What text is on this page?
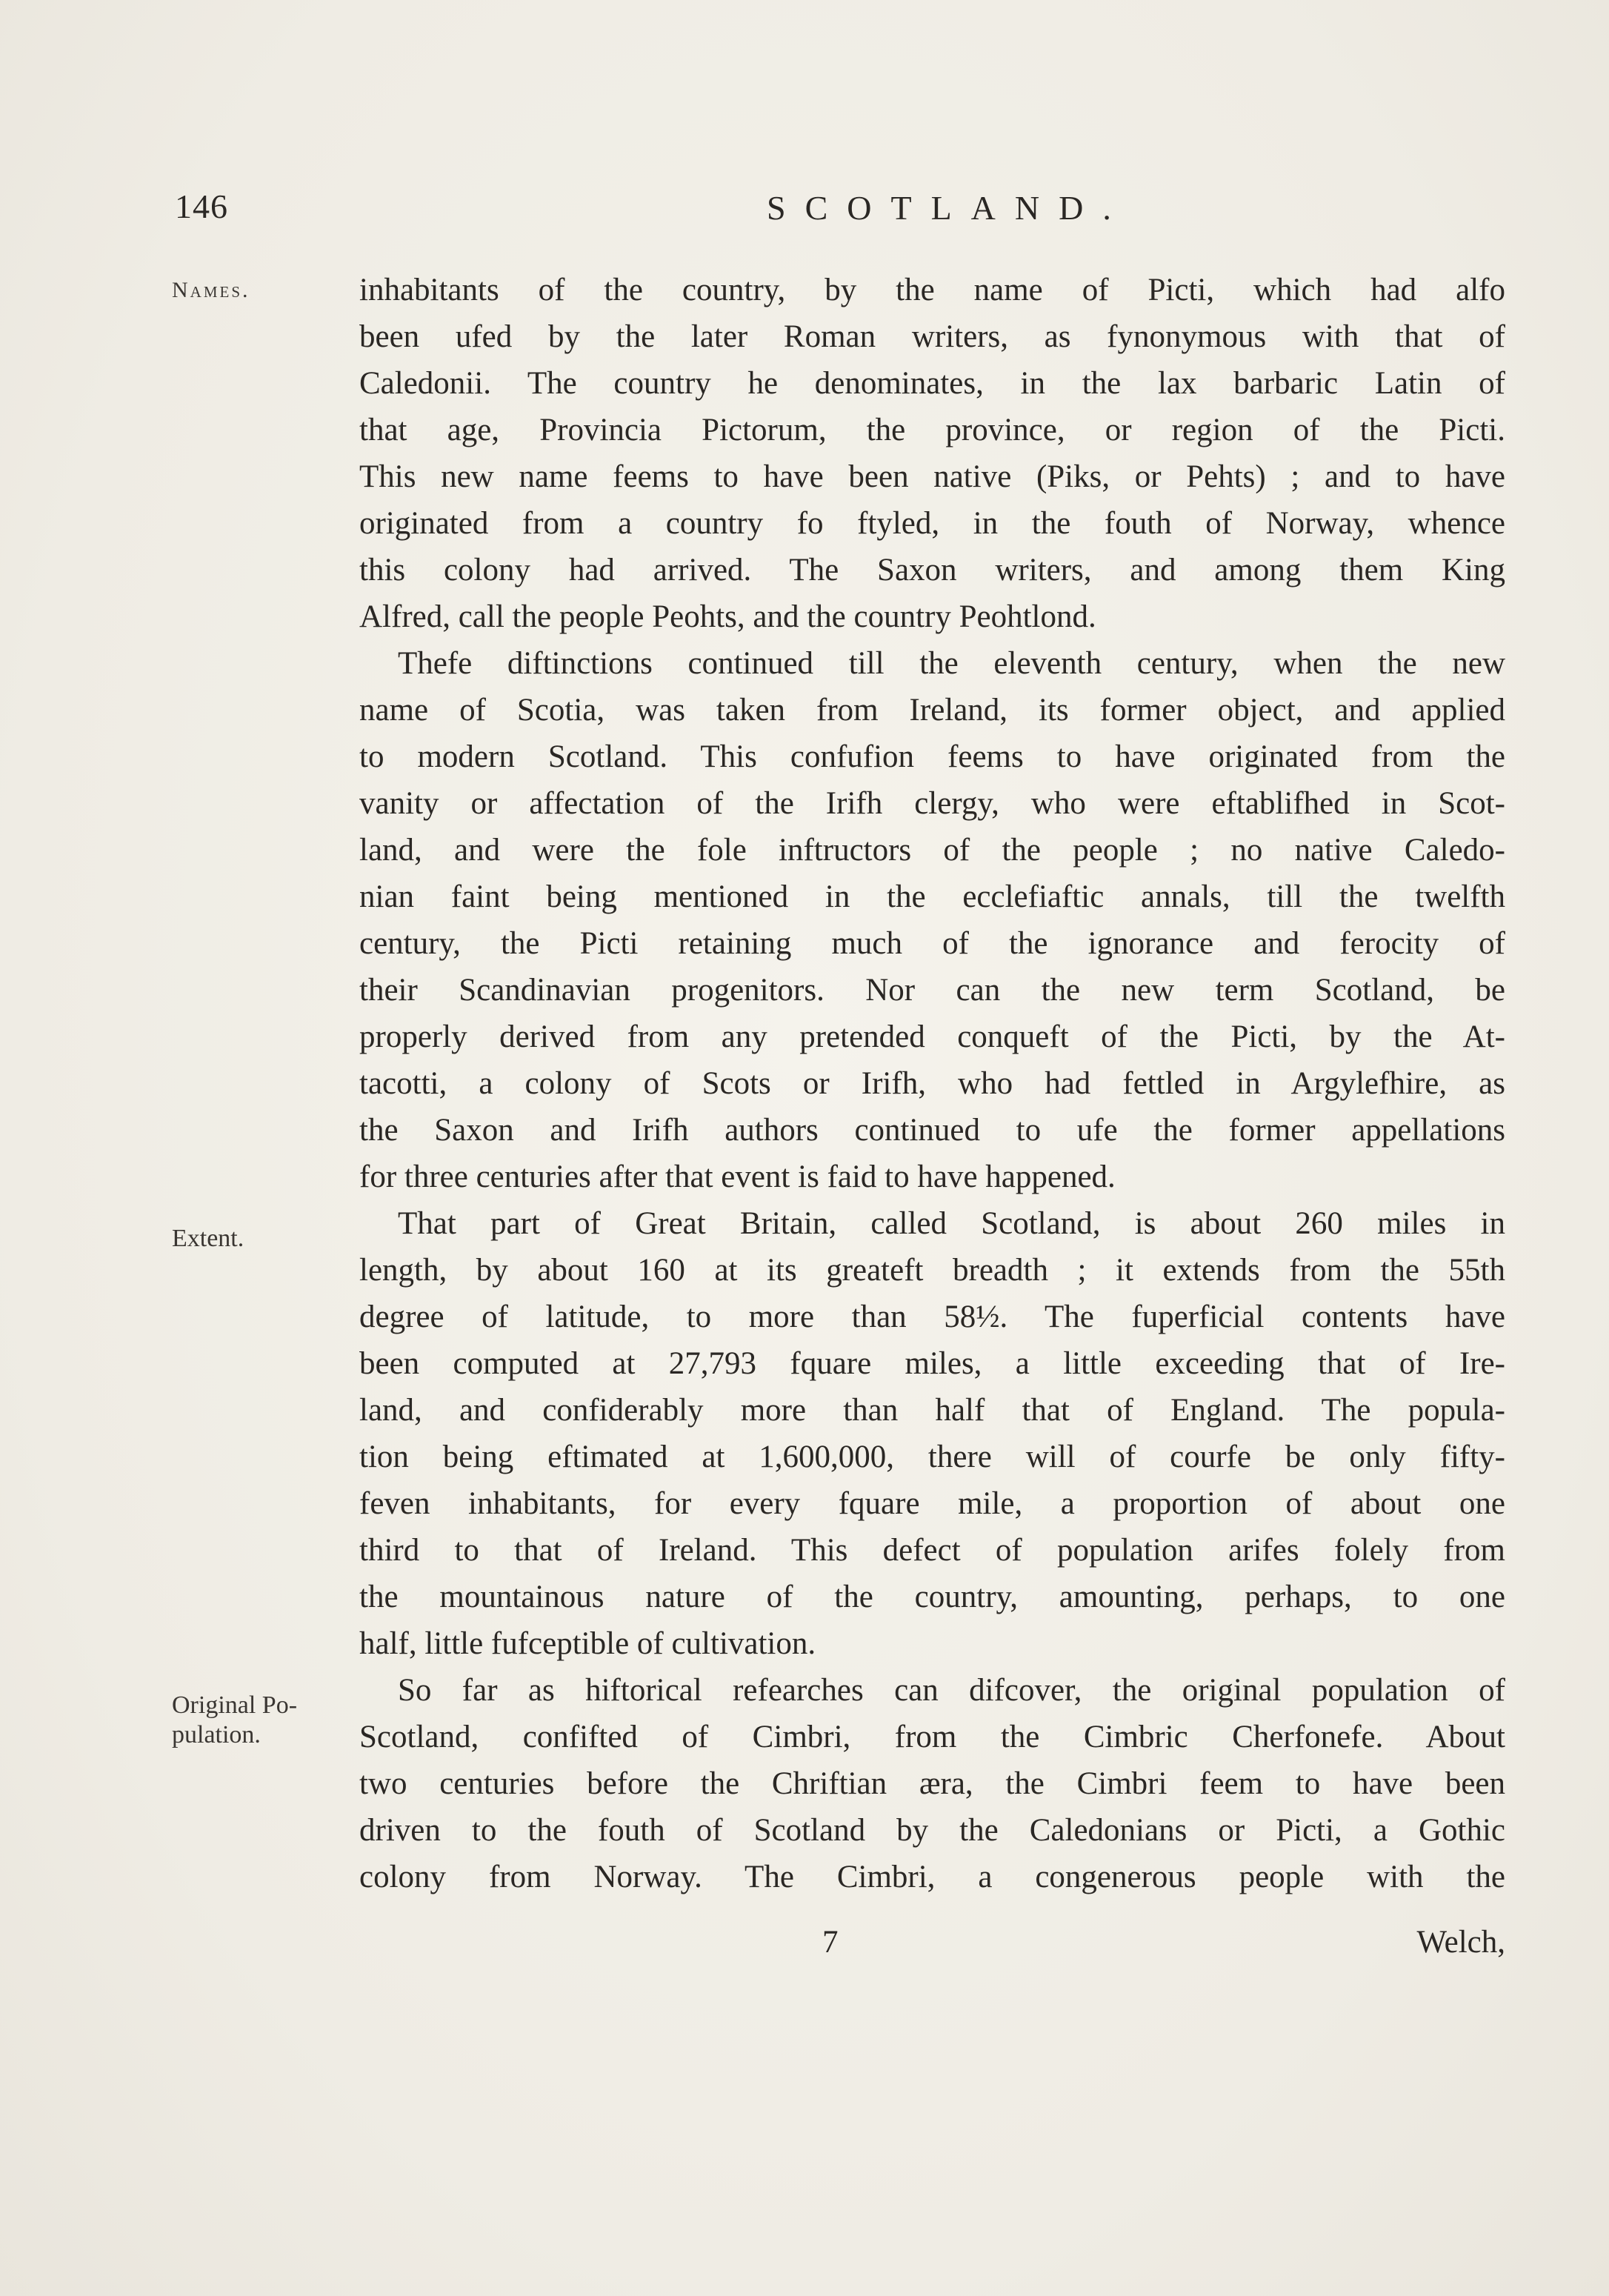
146	SCOTLAND.
Names.
Extent.
Original Po-
pulation.
inhabitants of the country, by the name of Picti, which had alfo
been ufed by the later Roman writers, as fynonymous with that of
Caledonii. The country he denominates, in the lax barbaric Latin of
that age, Provincia Pictorum, the province, or region of the Picti.
This new name feems to have been native (Piks, or Pehts) ; and to have
originated from a country fo ftyled, in the fouth of Norway, whence
this colony had arrived. The Saxon writers, and among them King
Alfred, call the people Peohts, and the country Peohtlond.
Thefe diftinctions continued till the eleventh century, when the new
name of Scotia, was taken from Ireland, its former object, and applied
to modern Scotland. This confufion feems to have originated from the
vanity or affectation of the Irifh clergy, who were eftablifhed in Scot-
land, and were the fole inftructors of the people ; no native Caledo-
nian faint being mentioned in the ecclefiaftic annals, till the twelfth
century, the Picti retaining much of the ignorance and ferocity of
their Scandinavian progenitors. Nor can the new term Scotland, be
properly derived from any pretended conqueft of the Picti, by the At-
tacotti, a colony of Scots or Irifh, who had fettled in Argylefhire, as
the Saxon and Irifh authors continued to ufe the former appellations
for three centuries after that event is faid to have happened.
That part of Great Britain, called Scotland, is about 260 miles in
length, by about 160 at its greateft breadth ; it extends from the 55th
degree of latitude, to more than 58½. The fuperficial contents have
been computed at 27,793 fquare miles, a little exceeding that of Ire-
land, and confiderably more than half that of England. The popula-
tion being eftimated at 1,600,000, there will of courfe be only fifty-
feven inhabitants, for every fquare mile, a proportion of about one
third to that of Ireland. This defect of population arifes folely from
the mountainous nature of the country, amounting, perhaps, to one
half, little fufceptible of cultivation.
So far as hiftorical refearches can difcover, the original population of
Scotland, confifted of Cimbri, from the Cimbric Cherfonefe. About
two centuries before the Chriftian æra, the Cimbri feem to have been
driven to the fouth of Scotland by the Caledonians or Picti, a Gothic
colony from Norway. The Cimbri, a congenerous people with the
7	Welch,
